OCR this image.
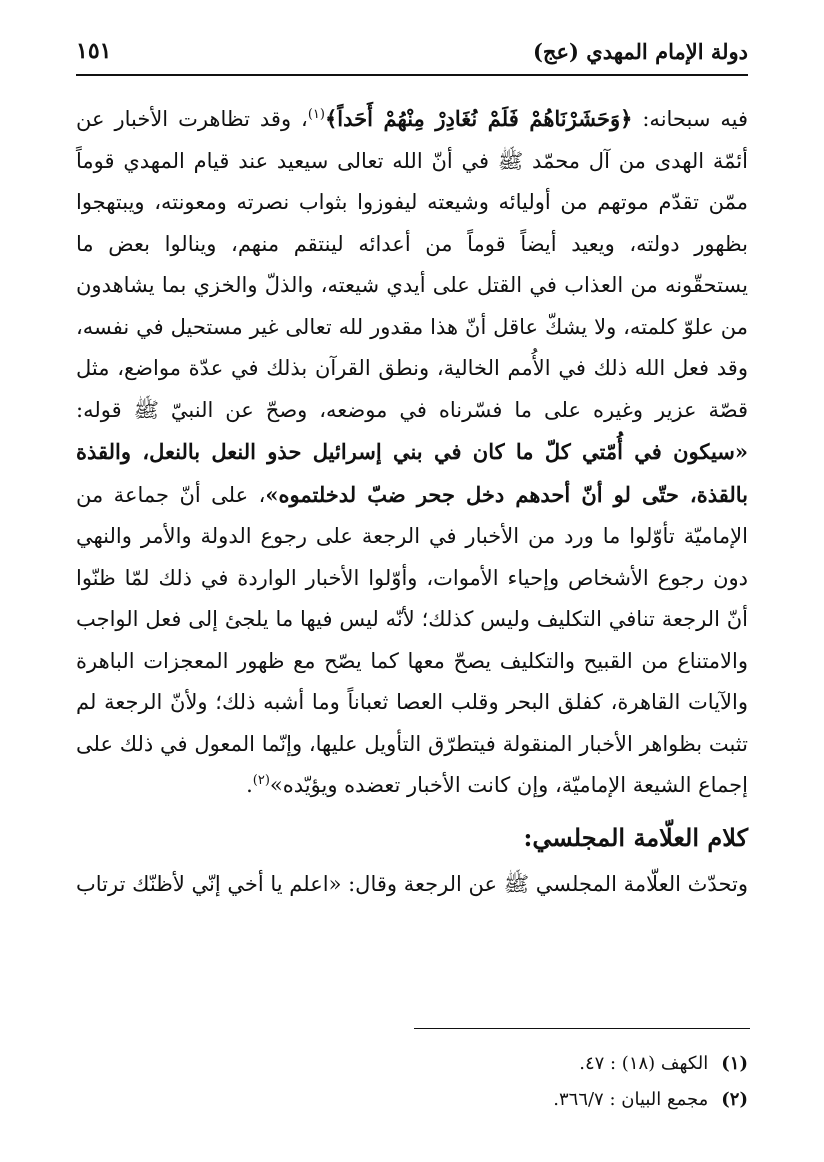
دولة الإمام المهدي (عج)
١٥١

فيه سبحانه: ﴿وَحَشَرْنَاهُمْ فَلَمْ نُغَادِرْ مِنْهُمْ أَحَداً﴾$^{(١)}$، وقد تظاهرت الأخبار عن أئمّة الهدى من آل محمّد ﷺ في أنّ الله تعالى سيعيد عند قيام المهدي قوماً ممّن تقدّم موتهم من أوليائه وشيعته ليفوزوا بثواب نصرته ومعونته، ويبتهجوا بظهور دولته، ويعيد أيضاً قوماً من أعدائه لينتقم منهم، وينالوا بعض ما يستحقّونه من العذاب في القتل على أيدي شيعته، والذلّ والخزي بما يشاهدون من علوّ كلمته، ولا يشكّ عاقل أنّ هذا مقدور لله تعالى غير مستحيل في نفسه، وقد فعل الله ذلك في الأُمم الخالية، ونطق القرآن بذلك في عدّة مواضع، مثل قصّة عزير وغيره على ما فسّرناه في موضعه، وصحّ عن النبيّ ﷺ قوله: «سيكون في أُمّتي كلّ ما كان في بني إسرائيل حذو النعل بالنعل، والقذة بالقذة، حتّى لو أنّ أحدهم دخل جحر ضبّ لدخلتموه»، على أنّ جماعة من الإماميّة تأوّلوا ما ورد من الأخبار في الرجعة على رجوع الدولة والأمر والنهي دون رجوع الأشخاص وإحياء الأموات، وأوّلوا الأخبار الواردة في ذلك لمّا ظنّوا أنّ الرجعة تنافي التكليف وليس كذلك؛ لأنّه ليس فيها ما يلجئ إلى فعل الواجب والامتناع من القبيح والتكليف يصحّ معها كما يصّح مع ظهور المعجزات الباهرة والآيات القاهرة، كفلق البحر وقلب العصا ثعباناً وما أشبه ذلك؛ ولأنّ الرجعة لم تثبت بظواهر الأخبار المنقولة فيتطرّق التأويل عليها، وإنّما المعول في ذلك على إجماع الشيعة الإماميّة، وإن كانت الأخبار تعضده ويؤيّده»$^{(٢)}$.

كلام العلّامة المجلسي:

وتحدّث العلّامة المجلسي ﷺ عن الرجعة وقال: «اعلم يا أخي إنّي لأظنّك ترتاب

(١) الكهف (١٨) : ٤٧.
(٢) مجمع البيان : ٣٦٦/٧.
